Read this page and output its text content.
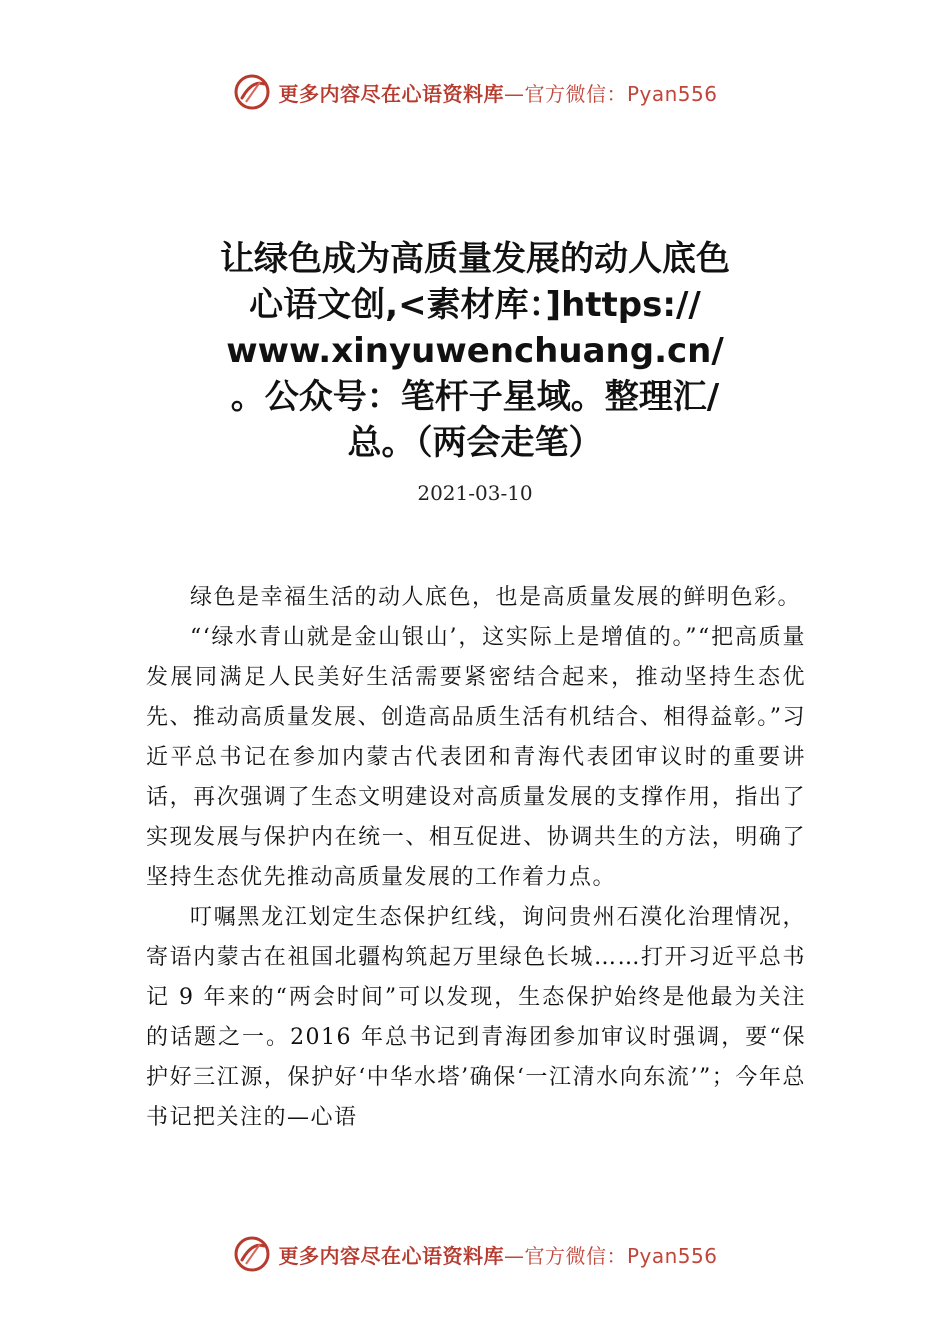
更多内容尽在心语资料库—官方微信：Pyan556
让绿色成为高质量发展的动人底色
心语文创,<素材库：]https://
www.xinyuwenchuang.cn/
。公众号：笔杆子星域。整理汇/
总。（两会走笔）
2021-03-10

绿色是幸福生活的动人底色，也是高质量发展的鲜明色彩。

“‘绿水青山就是金山银山’，这实际上是增值的。”“把高质量发展同满足人民美好生活需要紧密结合起来，推动坚持生态优先、推动高质量发展、创造高品质生活有机结合、相得益彰。”习近平总书记在参加内蒙古代表团和青海代表团审议时的重要讲话，再次强调了生态文明建设对高质量发展的支撑作用，指出了实现发展与保护内在统一、相互促进、协调共生的方法，明确了坚持生态优先推动高质量发展的工作着力点。

叮嘱黑龙江划定生态保护红线，询问贵州石漠化治理情况，寄语内蒙古在祖国北疆构筑起万里绿色长城……打开习近平总书记 9 年来的“两会时间”可以发现，生态保护始终是他最为关注的话题之一。2016 年总书记到青海团参加审议时强调，要“保护好三江源，保护好‘中华水塔’确保‘一江清水向东流’”；今年总书记把关注的—心语

更多内容尽在心语资料库—官方微信：Pyan556
